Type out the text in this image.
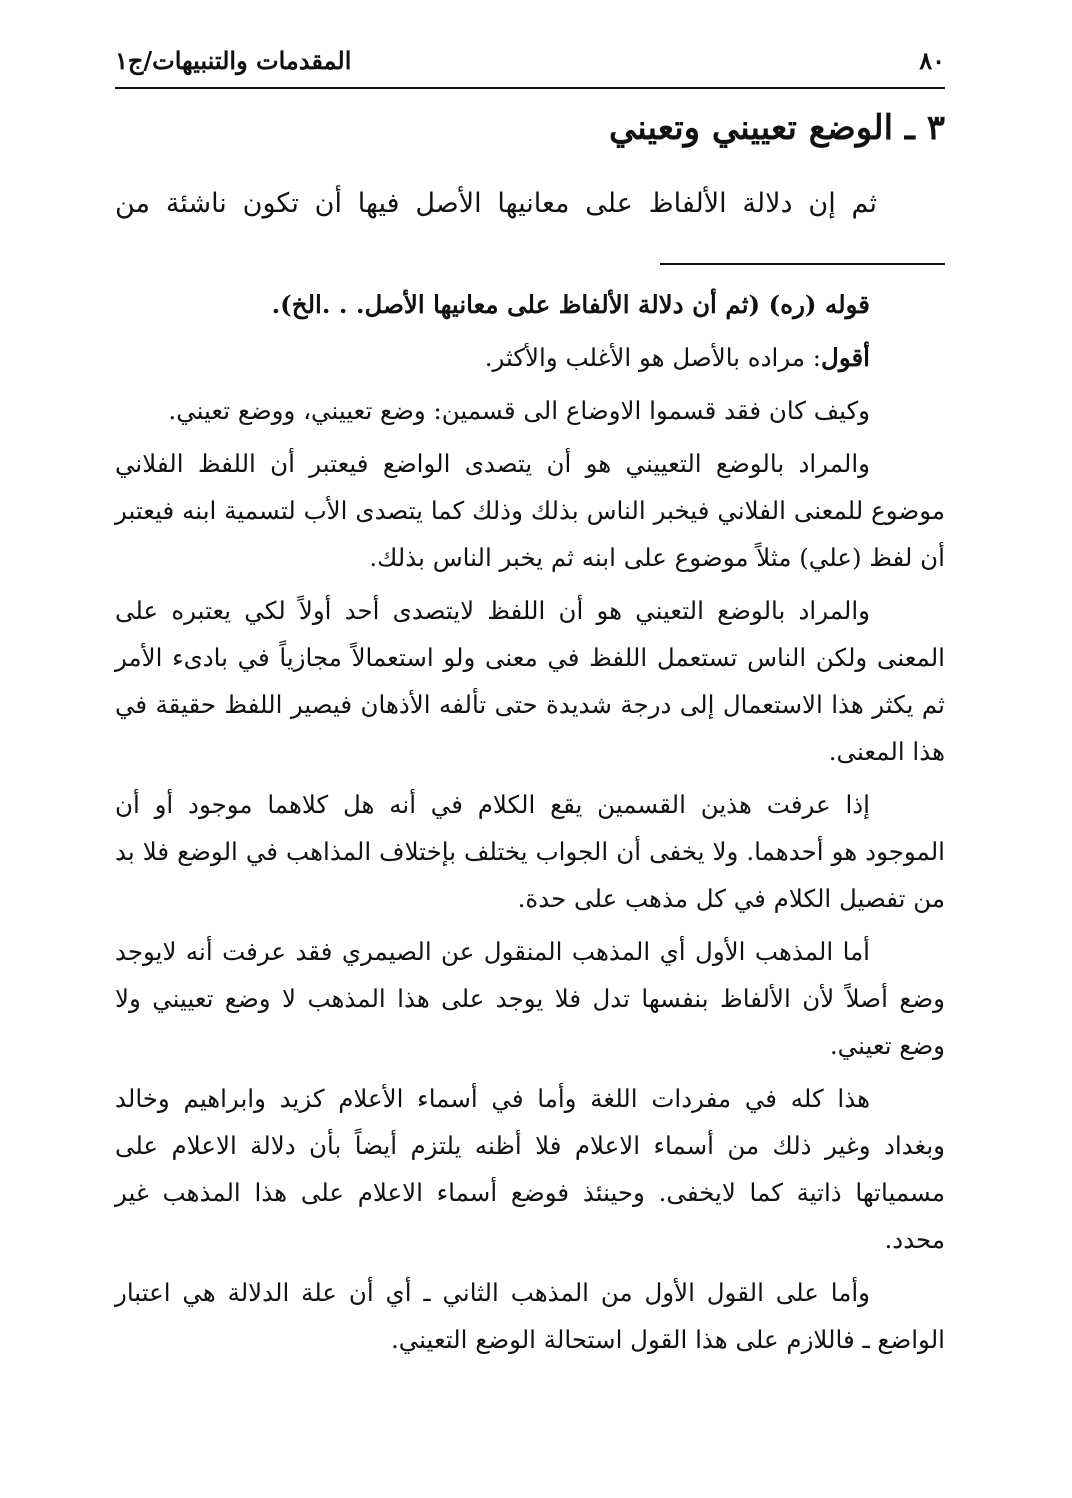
٨٠
المقدمات والتنبيهات/ج١
٣ ـ الوضع تعييني وتعيني
ثم إن دلالة الألفاظ على معانيها الأصل فيها أن تكون ناشئة من

قوله (ره) (ثم أن دلالة الألفاظ على معانيها الأصل. . .الخ).

أقول: مراده بالأصل هو الأغلب والأكثر.

وكيف كان فقد قسموا الاوضاع الى قسمين: وضع تعييني، ووضع تعيني.

والمراد بالوضع التعييني هو أن يتصدى الواضع فيعتبر أن اللفظ الفلاني موضوع للمعنى الفلاني فيخبر الناس بذلك وذلك كما يتصدى الأب لتسمية ابنه فيعتبر أن لفظ (علي) مثلاً موضوع على ابنه ثم يخبر الناس بذلك.

والمراد بالوضع التعيني هو أن اللفظ لايتصدى أحد أولاً لكي يعتبره على المعنى ولكن الناس تستعمل اللفظ في معنى ولو استعمالاً مجازياً في بادىء الأمر ثم يكثر هذا الاستعمال إلى درجة شديدة حتى تألفه الأذهان فيصير اللفظ حقيقة في هذا المعنى.

إذا عرفت هذين القسمين يقع الكلام في أنه هل كلاهما موجود أو أن الموجود هو أحدهما. ولا يخفى أن الجواب يختلف بإختلاف المذاهب في الوضع فلا بد من تفصيل الكلام في كل مذهب على حدة.

أما المذهب الأول أي المذهب المنقول عن الصيمري فقد عرفت أنه لايوجد وضع أصلاً لأن الألفاظ بنفسها تدل فلا يوجد على هذا المذهب لا وضع تعييني ولا وضع تعيني.

هذا كله في مفردات اللغة وأما في أسماء الأعلام كزيد وابراهيم وخالد وبغداد وغير ذلك من أسماء الاعلام فلا أظنه يلتزم أيضاً بأن دلالة الاعلام على مسمياتها ذاتية كما لايخفى. وحينئذ فوضع أسماء الاعلام على هذا المذهب غير محدد.

وأما على القول الأول من المذهب الثاني ـ أي أن علة الدلالة هي اعتبار الواضع ـ فاللازم على هذا القول استحالة الوضع التعيني.
